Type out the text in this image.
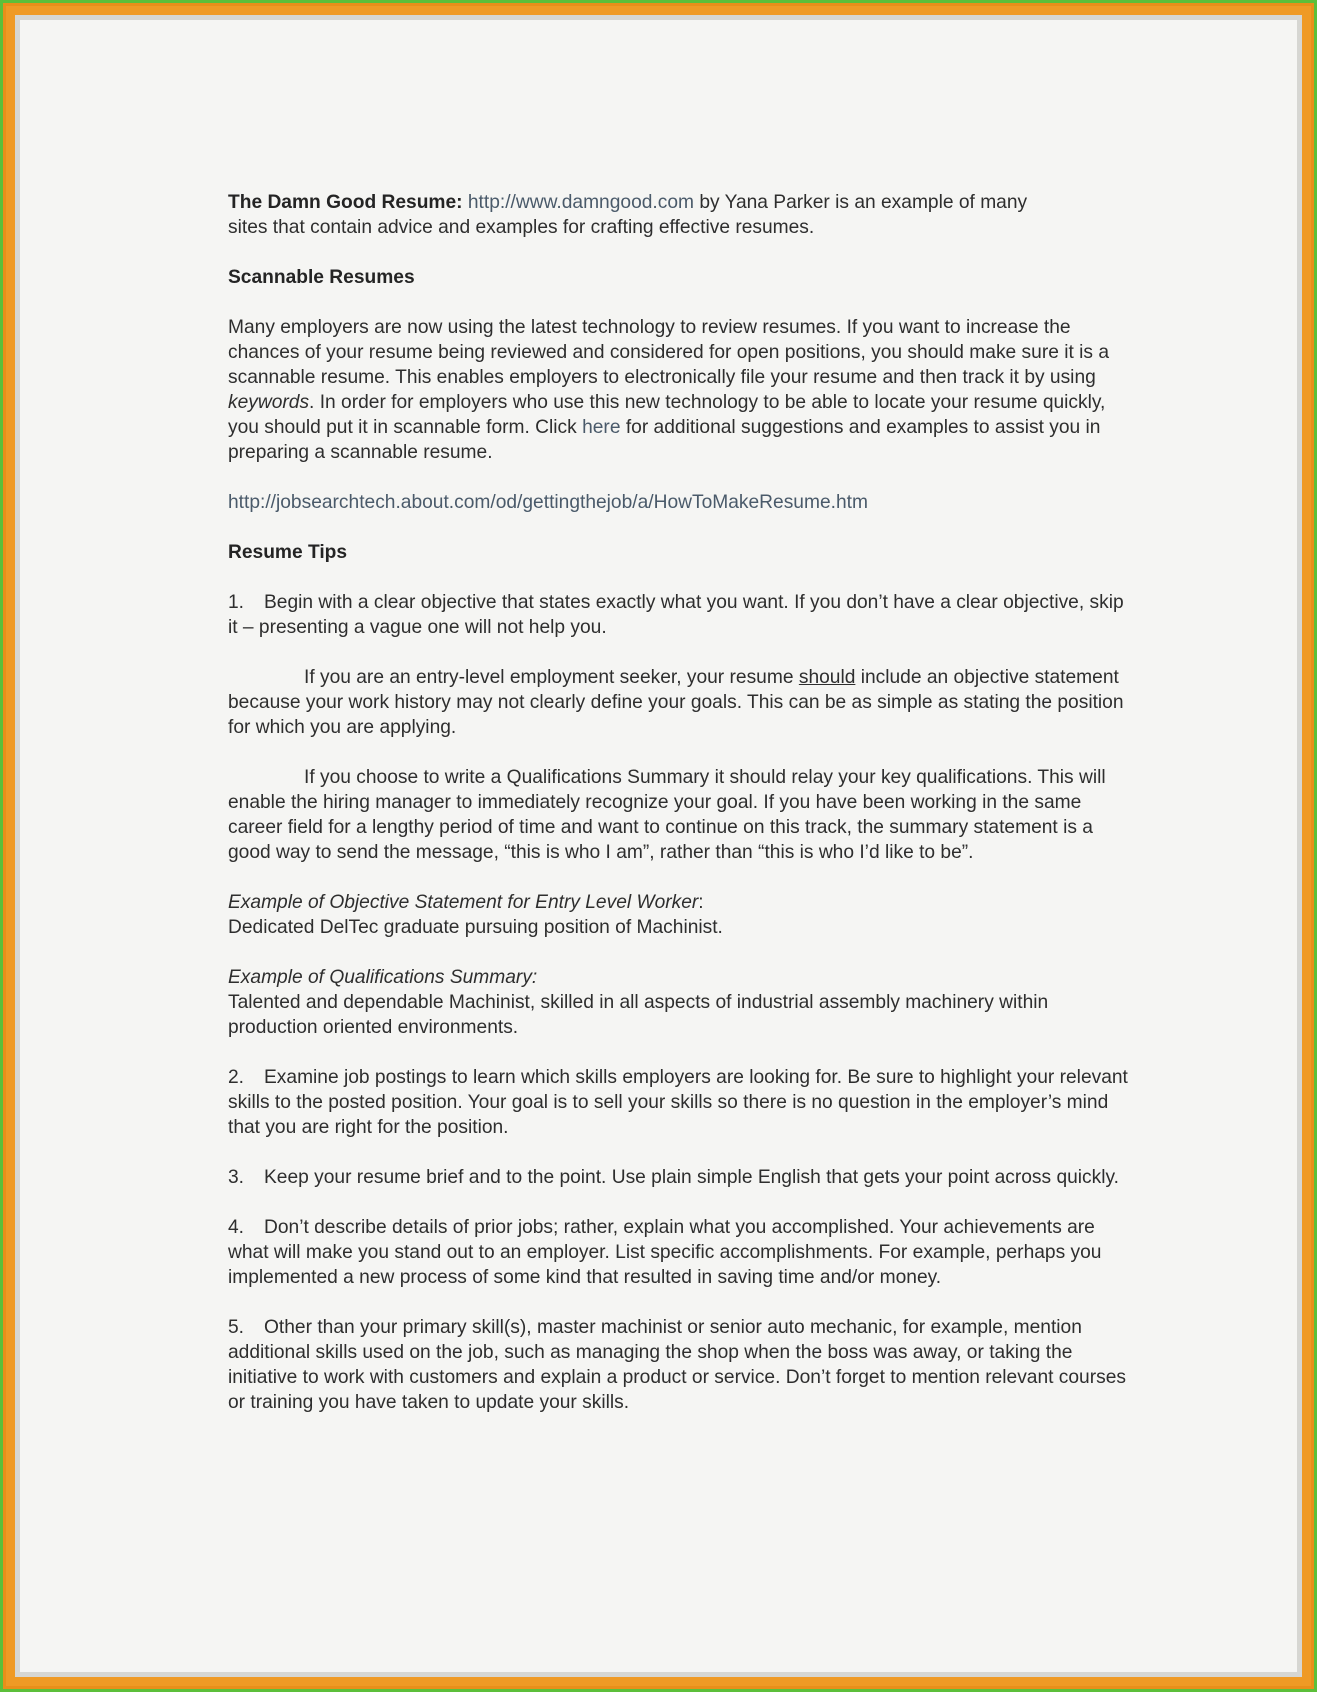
The Damn Good Resume: http://www.damngood.com by Yana Parker is an example of many
sites that contain advice and examples for crafting effective resumes.

Scannable Resumes

Many employers are now using the latest technology to review resumes. If you want to increase the chances of your resume being reviewed and considered for open positions, you should make sure it is a scannable resume. This enables employers to electronically file your resume and then track it by using keywords. In order for employers who use this new technology to be able to locate your resume quickly, you should put it in scannable form. Click here for additional suggestions and examples to assist you in preparing a scannable resume.

http://jobsearchtech.about.com/od/gettingthejob/a/HowToMakeResume.htm

Resume Tips

1. Begin with a clear objective that states exactly what you want. If you don’t have a clear objective, skip it – presenting a vague one will not help you.

If you are an entry-level employment seeker, your resume should include an objective statement because your work history may not clearly define your goals. This can be as simple as stating the position for which you are applying.

If you choose to write a Qualifications Summary it should relay your key qualifications. This will enable the hiring manager to immediately recognize your goal. If you have been working in the same career field for a lengthy period of time and want to continue on this track, the summary statement is a good way to send the message, “this is who I am”, rather than “this is who I’d like to be”.

Example of Objective Statement for Entry Level Worker:
Dedicated DelTec graduate pursuing position of Machinist.

Example of Qualifications Summary:
Talented and dependable Machinist, skilled in all aspects of industrial assembly machinery within production oriented environments.

2. Examine job postings to learn which skills employers are looking for. Be sure to highlight your relevant skills to the posted position. Your goal is to sell your skills so there is no question in the employer’s mind that you are right for the position.

3. Keep your resume brief and to the point. Use plain simple English that gets your point across quickly.

4. Don’t describe details of prior jobs; rather, explain what you accomplished. Your achievements are what will make you stand out to an employer. List specific accomplishments. For example, perhaps you implemented a new process of some kind that resulted in saving time and/or money.

5. Other than your primary skill(s), master machinist or senior auto mechanic, for example, mention additional skills used on the job, such as managing the shop when the boss was away, or taking the initiative to work with customers and explain a product or service. Don’t forget to mention relevant courses or training you have taken to update your skills.
